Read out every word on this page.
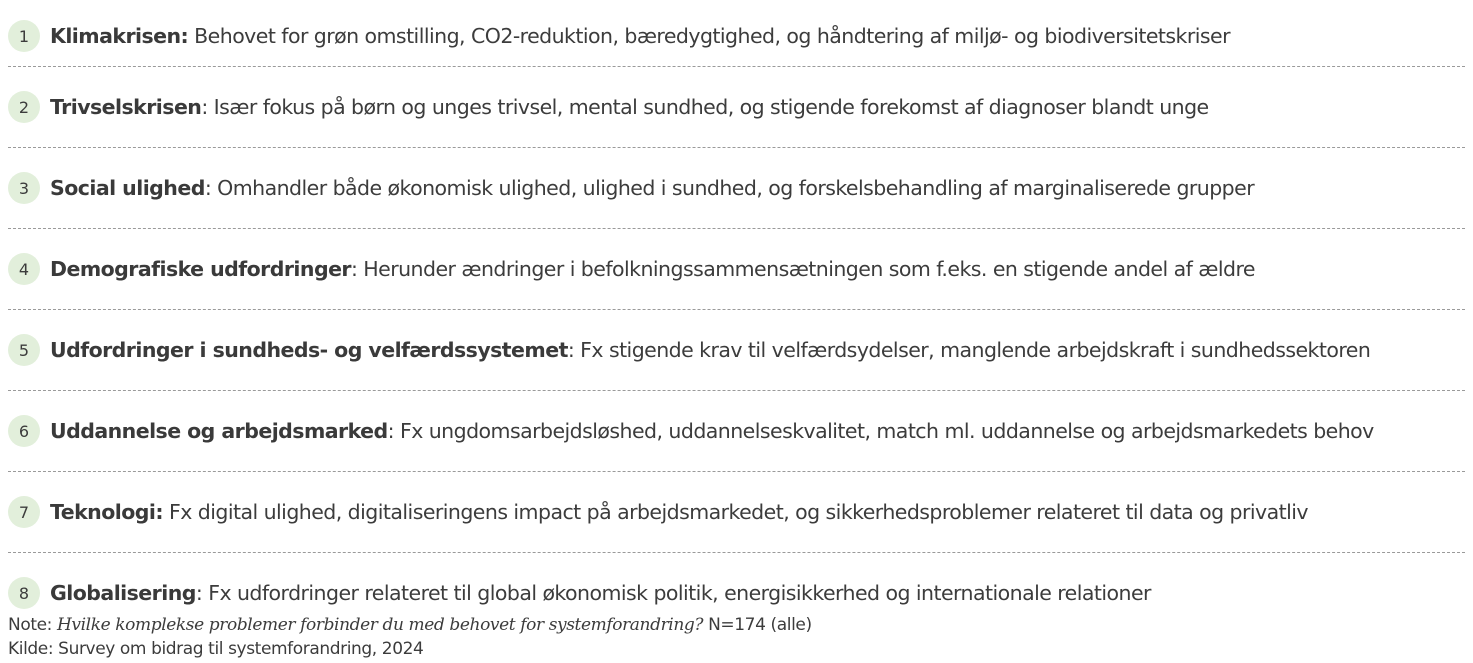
1	Klimakrisen: Behovet for grøn omstilling, CO2-reduktion, bæredygtighed, og håndtering af miljø- og biodiversitetskriser
2	Trivselskrisen: Især fokus på børn og unges trivsel, mental sundhed, og stigende forekomst af diagnoser blandt unge
3	Social ulighed: Omhandler både økonomisk ulighed, ulighed i sundhed, og forskelsbehandling af marginaliserede grupper
4	Demografiske udfordringer: Herunder ændringer i befolkningssammensætningen som f.eks. en stigende andel af ældre
5	Udfordringer i sundheds- og velfærdssystemet: Fx stigende krav til velfærdsydelser, manglende arbejdskraft i sundhedssektoren
6	Uddannelse og arbejdsmarked: Fx ungdomsarbejdsløshed, uddannelseskvalitet, match ml. uddannelse og arbejdsmarkedets behov
7	Teknologi: Fx digital ulighed, digitaliseringens impact på arbejdsmarkedet, og sikkerhedsproblemer relateret til data og privatliv
8	Globalisering: Fx udfordringer relateret til global økonomisk politik, energisikkerhed og internationale relationer
Note: Hvilke komplekse problemer forbinder du med behovet for systemforandring? N=174 (alle)
Kilde: Survey om bidrag til systemforandring, 2024
